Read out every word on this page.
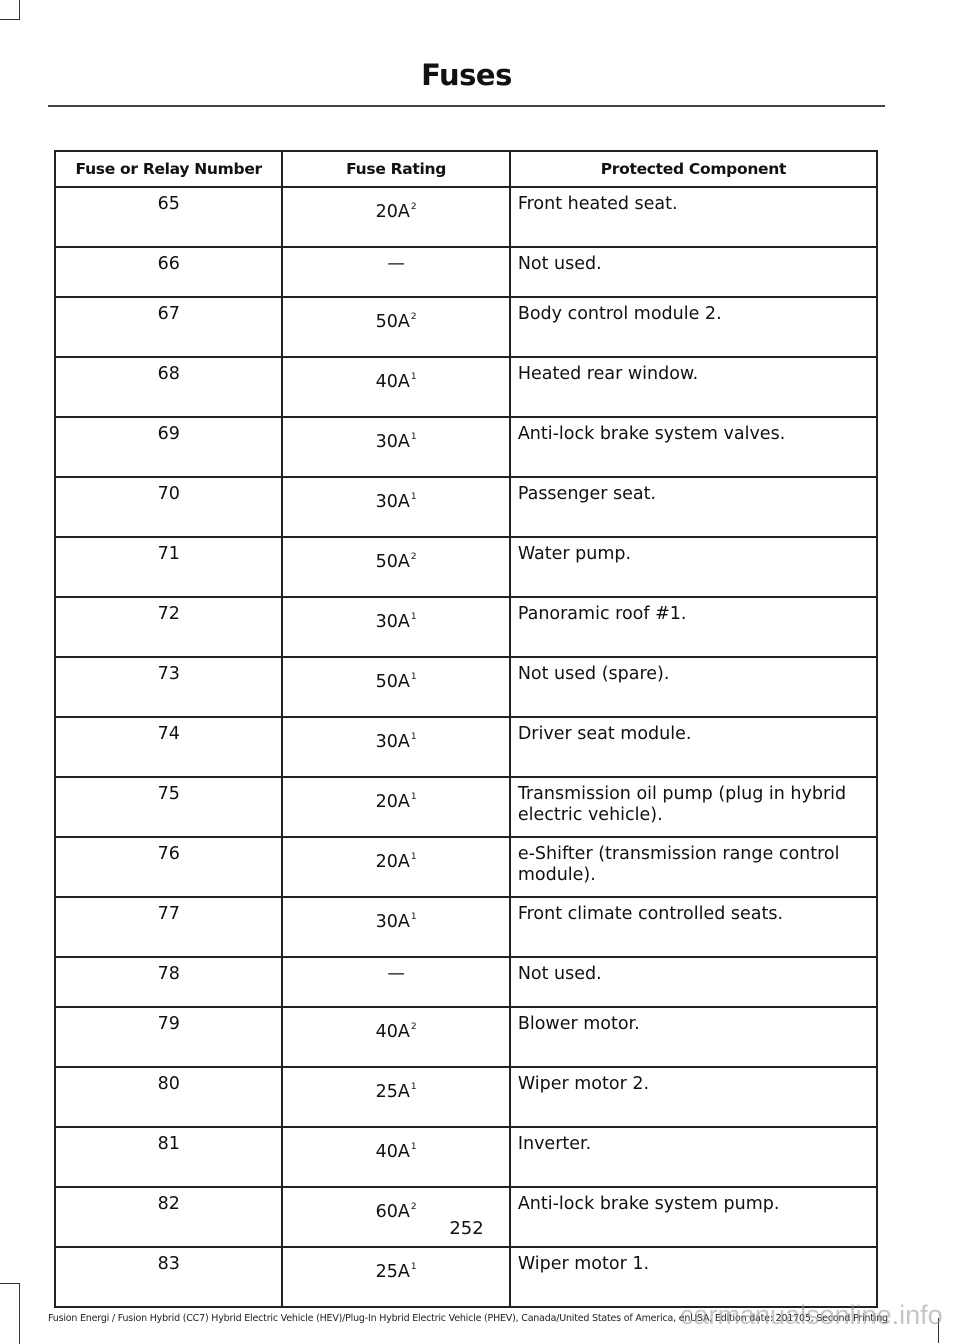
Fuses
Fuse or Relay Number	Fuse Rating	Protected Component
65	$20A^2$	Front heated seat.
66	—	Not used.
67	$50A^2$	Body control module 2.
68	$40A^1$	Heated rear window.
69	$30A^1$	Anti-lock brake system valves.
70	$30A^1$	Passenger seat.
71	$50A^2$	Water pump.
72	$30A^1$	Panoramic roof #1.
73	$50A^1$	Not used (spare).
74	$30A^1$	Driver seat module.
75	$20A^1$	Transmission oil pump (plug in hybrid electric vehicle).
76	$20A^1$	e-Shifter (transmission range control module).
77	$30A^1$	Front climate controlled seats.
78	—	Not used.
79	$40A^2$	Blower motor.
80	$25A^1$	Wiper motor 2.
81	$40A^1$	Inverter.
82	$60A^2$	Anti-lock brake system pump.
83	$25A^1$	Wiper motor 1.
252
Fusion Energi / Fusion Hybrid (CC7) Hybrid Electric Vehicle (HEV)/Plug-In Hybrid Electric Vehicle (PHEV), Canada/United States of America, enUSA, Edition date: 201705, Second Printing
carmanualsonline.info
